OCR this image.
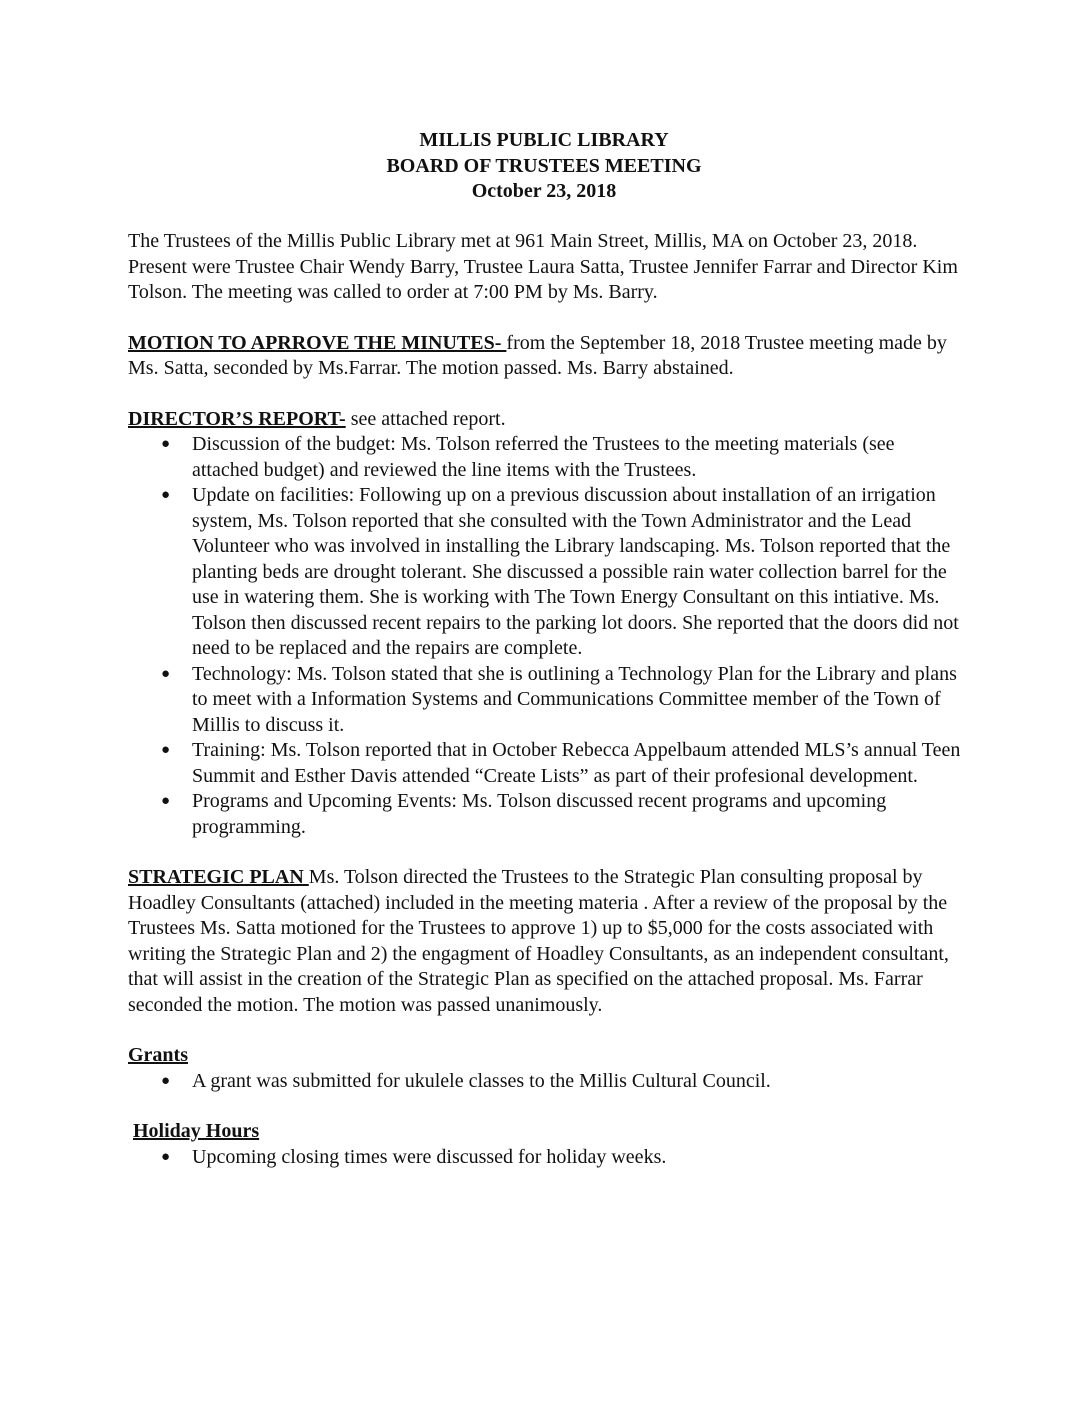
MILLIS PUBLIC LIBRARY
BOARD OF TRUSTEES MEETING
October 23, 2018

The Trustees of the Millis Public Library met at 961 Main Street, Millis, MA on October 23, 2018. Present were Trustee Chair Wendy Barry, Trustee Laura Satta, Trustee Jennifer Farrar and Director Kim Tolson. The meeting was called to order at 7:00 PM by Ms. Barry.

MOTION TO APRROVE THE MINUTES- from the September 18, 2018 Trustee meeting made by Ms. Satta, seconded by Ms.Farrar. The motion passed. Ms. Barry abstained.

DIRECTOR’S REPORT- see attached report.

● Discussion of the budget: Ms. Tolson referred the Trustees to the meeting materials (see attached budget) and reviewed the line items with the Trustees.
● Update on facilities: Following up on a previous discussion about installation of an irrigation system, Ms. Tolson reported that she consulted with the Town Administrator and the Lead Volunteer who was involved in installing the Library landscaping. Ms. Tolson reported that the planting beds are drought tolerant. She discussed a possible rain water collection barrel for the use in watering them. She is working with The Town Energy Consultant on this intiative. Ms. Tolson then discussed recent repairs to the parking lot doors. She reported that the doors did not need to be replaced and the repairs are complete.
● Technology: Ms. Tolson stated that she is outlining a Technology Plan for the Library and plans to meet with a Information Systems and Communications Committee member of the Town of Millis to discuss it.
● Training: Ms. Tolson reported that in October Rebecca Appelbaum attended MLS’s annual Teen Summit and Esther Davis attended “Create Lists” as part of their profesional development.
● Programs and Upcoming Events: Ms. Tolson discussed recent programs and upcoming programming.

STRATEGIC PLAN Ms. Tolson directed the Trustees to the Strategic Plan consulting proposal by Hoadley Consultants (attached) included in the meeting materia . After a review of the proposal by the Trustees Ms. Satta motioned for the Trustees to approve 1) up to $5,000 for the costs associated with writing the Strategic Plan and 2) the engagment of Hoadley Consultants, as an independent consultant, that will assist in the creation of the Strategic Plan as specified on the attached proposal. Ms. Farrar seconded the motion. The motion was passed unanimously.

Grants

● A grant was submitted for ukulele classes to the Millis Cultural Council.

Holiday Hours

● Upcoming closing times were discussed for holiday weeks.
